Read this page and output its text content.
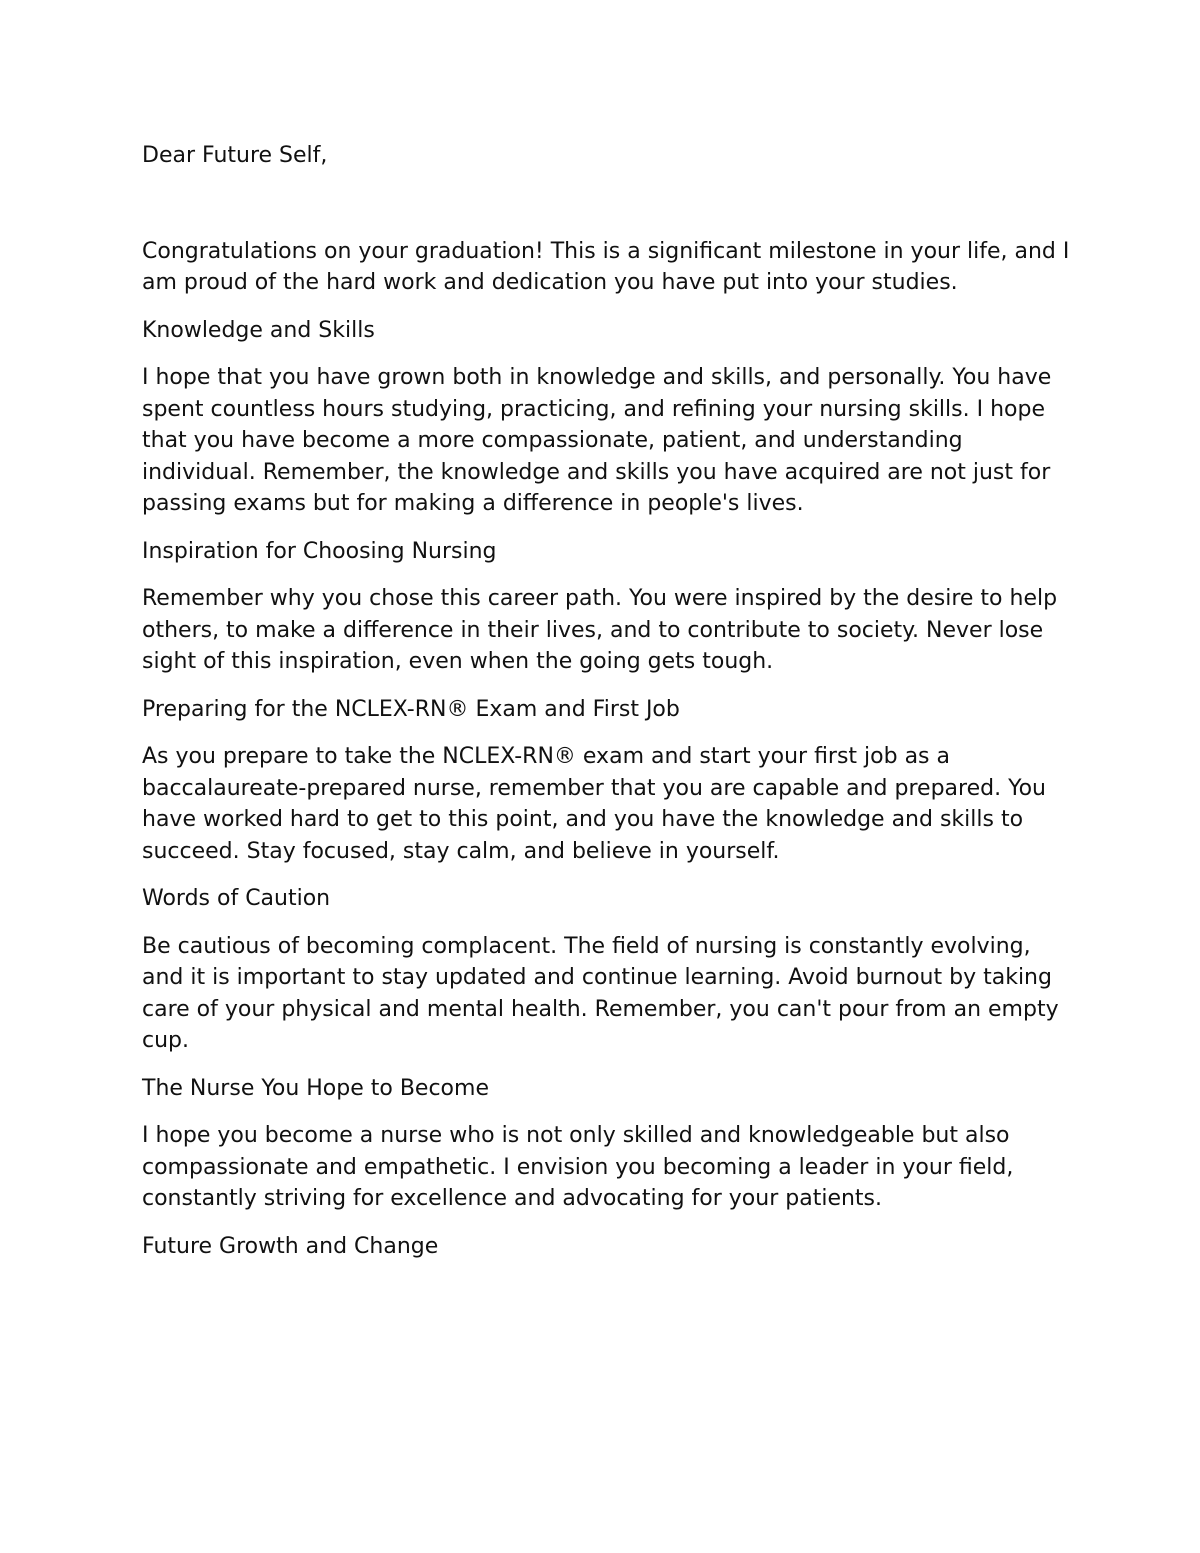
Dear Future Self,
Congratulations on your graduation! This is a significant milestone in your life, and I am proud of the hard work and dedication you have put into your studies.
Knowledge and Skills
I hope that you have grown both in knowledge and skills, and personally. You have spent countless hours studying, practicing, and refining your nursing skills. I hope that you have become a more compassionate, patient, and understanding individual. Remember, the knowledge and skills you have acquired are not just for passing exams but for making a difference in people's lives.
Inspiration for Choosing Nursing
Remember why you chose this career path. You were inspired by the desire to help others, to make a difference in their lives, and to contribute to society. Never lose sight of this inspiration, even when the going gets tough.
Preparing for the NCLEX-RN® Exam and First Job
As you prepare to take the NCLEX-RN® exam and start your first job as a baccalaureate-prepared nurse, remember that you are capable and prepared. You have worked hard to get to this point, and you have the knowledge and skills to succeed. Stay focused, stay calm, and believe in yourself.
Words of Caution
Be cautious of becoming complacent. The field of nursing is constantly evolving, and it is important to stay updated and continue learning. Avoid burnout by taking care of your physical and mental health. Remember, you can't pour from an empty cup.
The Nurse You Hope to Become
I hope you become a nurse who is not only skilled and knowledgeable but also compassionate and empathetic. I envision you becoming a leader in your field, constantly striving for excellence and advocating for your patients.
Future Growth and Change
